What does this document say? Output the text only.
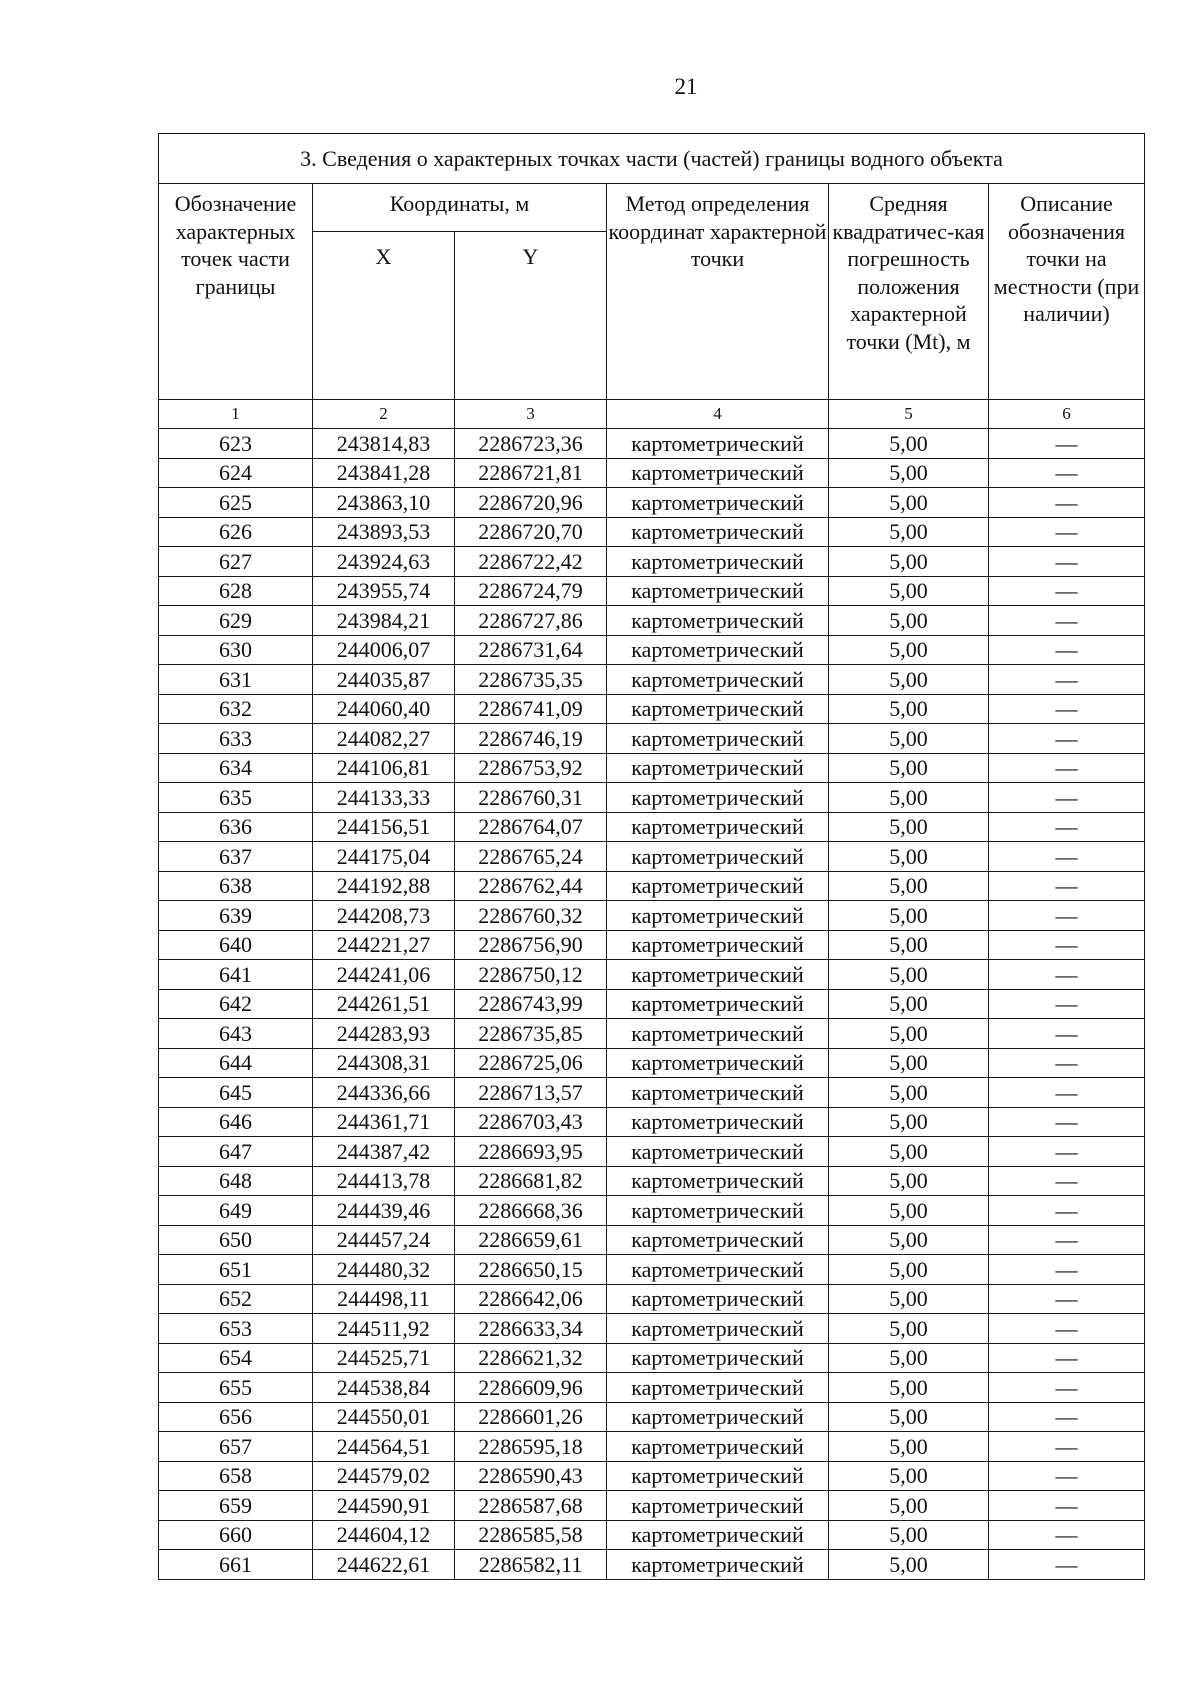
21
3. Сведения о характерных точках части (частей) границы водного объекта					
Обозначение характерных точек части границы	Координаты, м		Метод определения координат характерной точки	Средняя квадратичес-кая погрешность положения характерной точки (Mt), м	Описание обозначения точки на местности (при наличии)
	X	Y			
1	2	3	4	5	6
623	243814,83	2286723,36	картометрический	5,00	—
624	243841,28	2286721,81	картометрический	5,00	—
625	243863,10	2286720,96	картометрический	5,00	—
626	243893,53	2286720,70	картометрический	5,00	—
627	243924,63	2286722,42	картометрический	5,00	—
628	243955,74	2286724,79	картометрический	5,00	—
629	243984,21	2286727,86	картометрический	5,00	—
630	244006,07	2286731,64	картометрический	5,00	—
631	244035,87	2286735,35	картометрический	5,00	—
632	244060,40	2286741,09	картометрический	5,00	—
633	244082,27	2286746,19	картометрический	5,00	—
634	244106,81	2286753,92	картометрический	5,00	—
635	244133,33	2286760,31	картометрический	5,00	—
636	244156,51	2286764,07	картометрический	5,00	—
637	244175,04	2286765,24	картометрический	5,00	—
638	244192,88	2286762,44	картометрический	5,00	—
639	244208,73	2286760,32	картометрический	5,00	—
640	244221,27	2286756,90	картометрический	5,00	—
641	244241,06	2286750,12	картометрический	5,00	—
642	244261,51	2286743,99	картометрический	5,00	—
643	244283,93	2286735,85	картометрический	5,00	—
644	244308,31	2286725,06	картометрический	5,00	—
645	244336,66	2286713,57	картометрический	5,00	—
646	244361,71	2286703,43	картометрический	5,00	—
647	244387,42	2286693,95	картометрический	5,00	—
648	244413,78	2286681,82	картометрический	5,00	—
649	244439,46	2286668,36	картометрический	5,00	—
650	244457,24	2286659,61	картометрический	5,00	—
651	244480,32	2286650,15	картометрический	5,00	—
652	244498,11	2286642,06	картометрический	5,00	—
653	244511,92	2286633,34	картометрический	5,00	—
654	244525,71	2286621,32	картометрический	5,00	—
655	244538,84	2286609,96	картометрический	5,00	—
656	244550,01	2286601,26	картометрический	5,00	—
657	244564,51	2286595,18	картометрический	5,00	—
658	244579,02	2286590,43	картометрический	5,00	—
659	244590,91	2286587,68	картометрический	5,00	—
660	244604,12	2286585,58	картометрический	5,00	—
661	244622,61	2286582,11	картометрический	5,00	—
